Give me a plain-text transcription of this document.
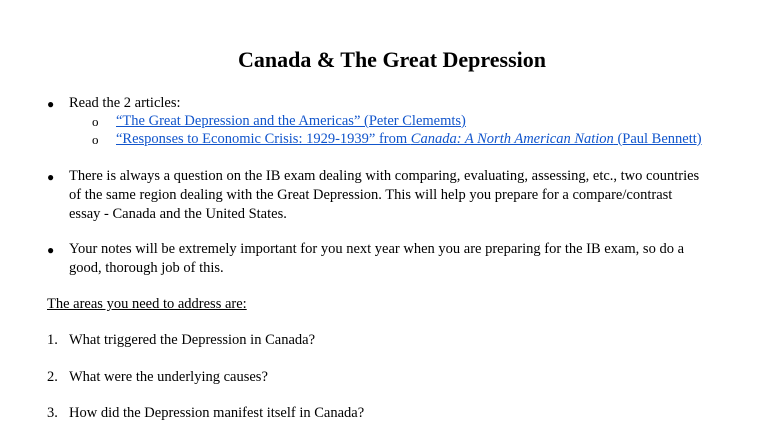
Canada & The Great Depression
● Read the 2 articles:
o “The Great Depression and the Americas” (Peter Clememts)
o “Responses to Economic Crisis: 1929-1939” from Canada: A North American Nation (Paul Bennett)
● There is always a question on the IB exam dealing with comparing, evaluating, assessing, etc., two countries
of the same region dealing with the Great Depression. This will help you prepare for a compare/contrast
essay - Canada and the United States.
● Your notes will be extremely important for you next year when you are preparing for the IB exam, so do a
good, thorough job of this.
The areas you need to address are:
1. What triggered the Depression in Canada?
2. What were the underlying causes?
3. How did the Depression manifest itself in Canada?
